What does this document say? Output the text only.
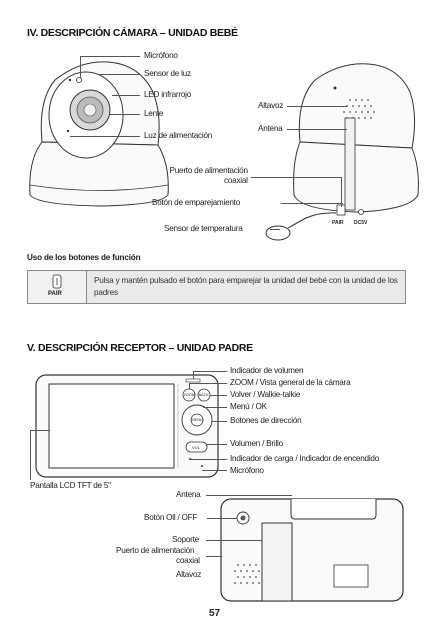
IV. DESCRIPCIÓN CÁMARA – UNIDAD BEBÉ
Micrófono
Sensor de luz
LED infrarrojo
Lente
Luz de alimentación
PAIR DC5V
Altavoz
Antena
Puerto de alimentación
coaxial
Botón de emparejamiento
Sensor de temperatura
Uso de los botones de función
PAIR
Pulsa y mantén pulsado el botón para emparejar la unidad del bebé con la unidad de los padres
V. DESCRIPCIÓN RECEPTOR – UNIDAD PADRE
ZOOM BACK
MENU
VOL
Indicador de volumen
ZOOM / Vista general de la cámara
Volver / Walkie-talkie
Menú / OK
Botones de dirección
Volumen / Brillo
Indicador de carga / Indicador de encendido
Micrófono
Pantalla LCD TFT de 5"
Antena
Botón Oll / OFF
Soporte
Puerto de alimentación
coaxial
Altavoz
57
